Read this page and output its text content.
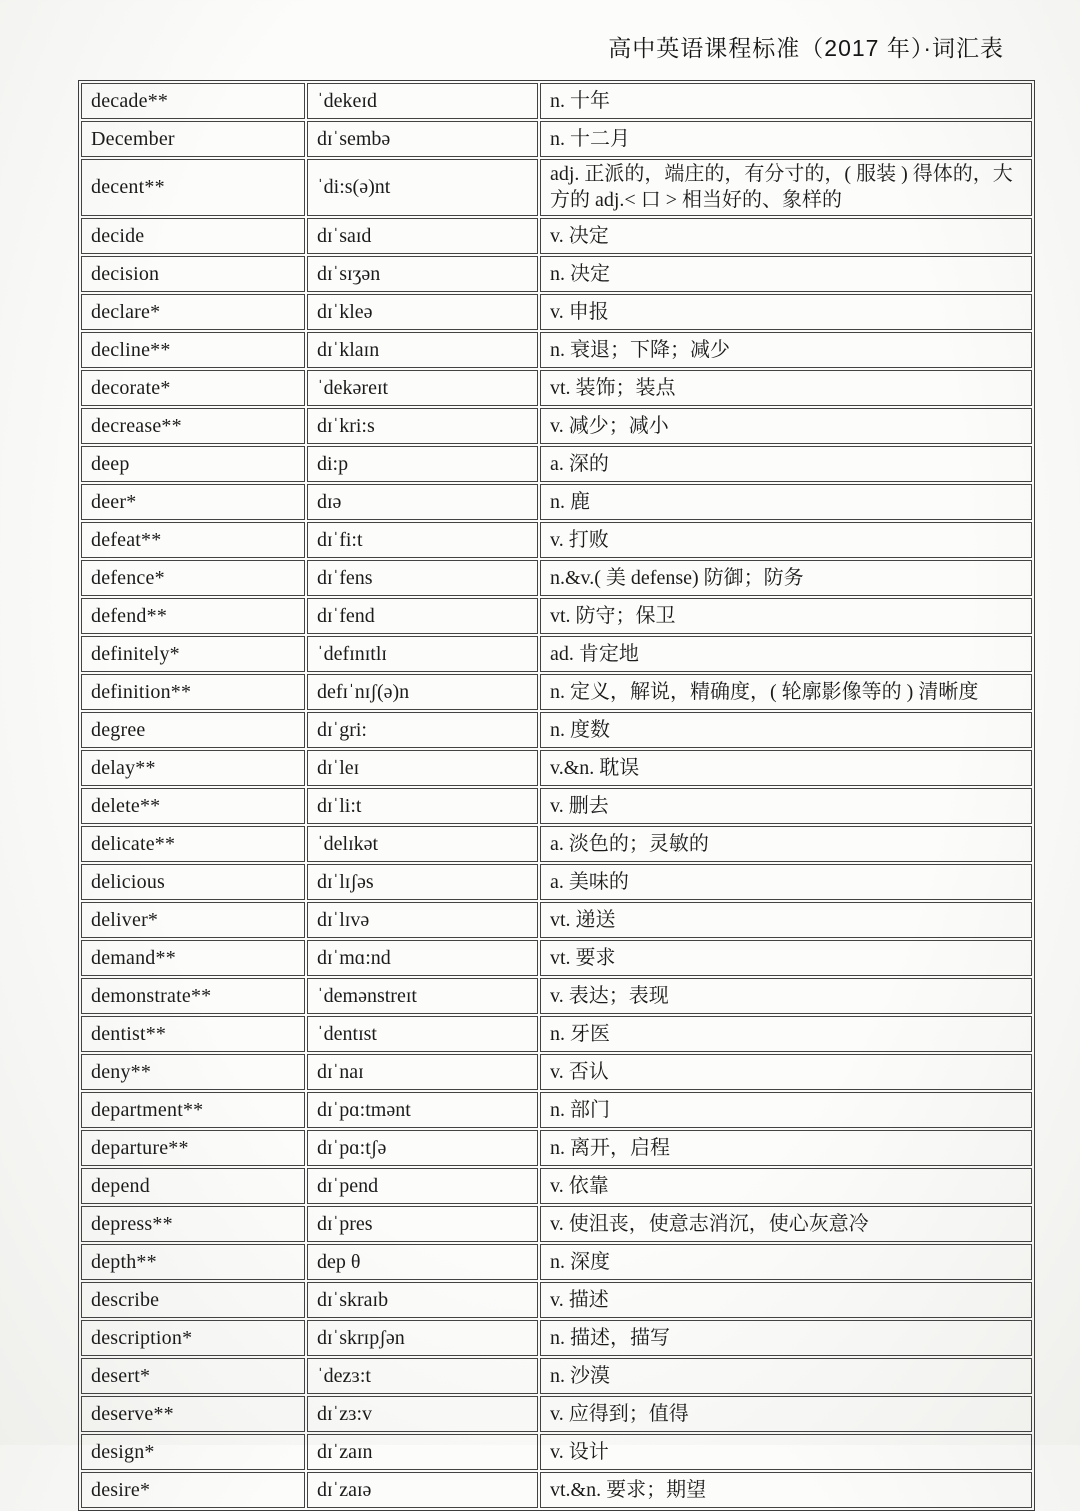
高中英语课程标准（2017 年）·词汇表
decade**	ˈdekeɪd	n. 十年
December	dɪˈsembə	n. 十二月
decent**	ˈdi:s(ə)nt	adj. 正派的，端庄的，有分寸的，( 服装 ) 得体的，大方的 adj.< 口 > 相当好的、象样的
decide	dɪˈsaɪd	v. 决定
decision	dɪˈsɪʒən	n. 决定
declare*	dɪˈkleə	v. 申报
decline**	dɪˈklaɪn	n. 衰退；下降；减少
decorate*	ˈdekəreɪt	vt. 装饰；装点
decrease**	dɪˈkri:s	v. 减少；减小
deep	di:p	a. 深的
deer*	dɪə	n. 鹿
defeat**	dɪˈfi:t	v. 打败
defence*	dɪˈfens	n.&v.( 美 defense) 防御；防务
defend**	dɪˈfend	vt. 防守；保卫
definitely*	ˈdefɪnɪtlɪ	ad. 肯定地
definition**	defɪˈnɪʃ(ə)n	n. 定义，解说，精确度，( 轮廓影像等的 ) 清晰度
degree	dɪˈgri:	n. 度数
delay**	dɪˈleɪ	v.&n. 耽误
delete**	dɪˈli:t	v. 删去
delicate**	ˈdelɪkət	a. 淡色的；灵敏的
delicious	dɪˈlɪʃəs	a. 美味的
deliver*	dɪˈlɪvə	vt. 递送
demand**	dɪˈmɑ:nd	vt. 要求
demonstrate**	ˈdemənstreɪt	v. 表达；表现
dentist**	ˈdentɪst	n. 牙医
deny**	dɪˈnaɪ	v. 否认
department**	dɪˈpɑ:tmənt	n. 部门
departure**	dɪˈpɑ:tʃə	n. 离开，启程
depend	dɪˈpend	v. 依靠
depress**	dɪˈpres	v. 使沮丧，使意志消沉，使心灰意冷
depth**	dep θ	n. 深度
describe	dɪˈskraɪb	v. 描述
description*	dɪˈskrɪpʃən	n. 描述，描写
desert*	ˈdezɜ:t	n. 沙漠
deserve**	dɪˈzɜ:v	v. 应得到；值得
design*	dɪˈzaɪn	v. 设计
desire*	dɪˈzaɪə	vt.&n. 要求；期望
